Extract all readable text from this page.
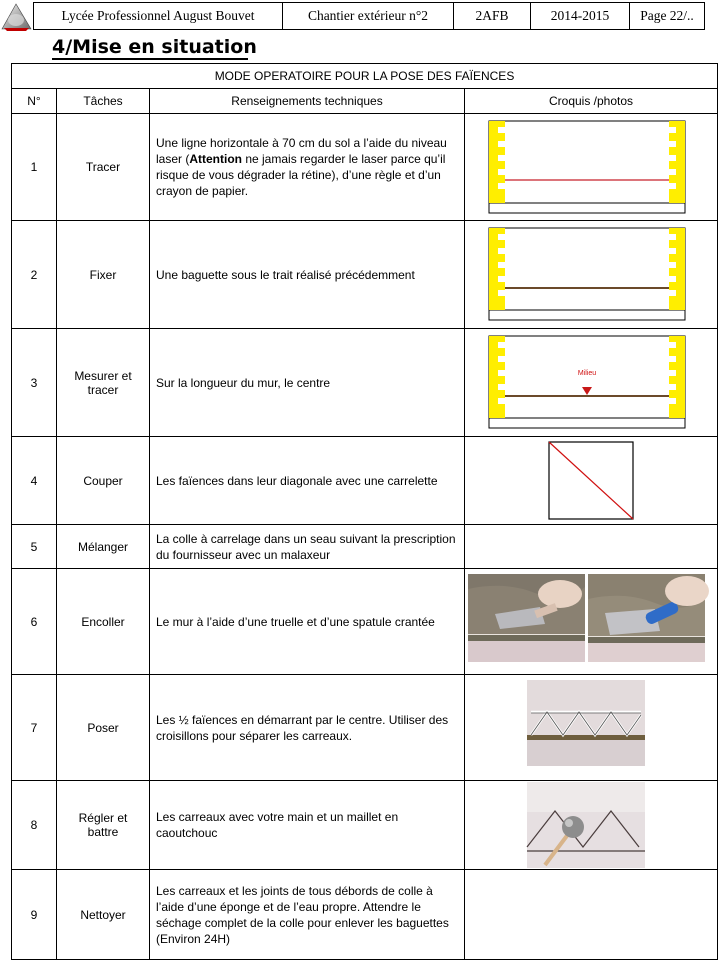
Lycée Professionnel August Bouvet	Chantier extérieur n°2	2AFB	2014-2015	Page 22/..
4/Mise en situation
MODE OPERATOIRE POUR LA POSE DES FAÏENCES			
N°	Tâches	Renseignements techniques	Croquis /photos
1	Tracer	Une ligne horizontale à 70 cm du sol a l’aide du niveau laser (Attention ne jamais regarder le laser parce qu’il risque de vous dégrader la rétine), d’une règle et d’un crayon de papier.	

2	Fixer	Une baguette sous le trait réalisé précédemment	

3	Mesurer et tracer	Sur la longueur du mur, le centre	Milieu

4	Couper	Les faïences dans leur diagonale avec une carrelette	

5	Mélanger	La colle à carrelage dans un seau suivant la prescription du fournisseur avec un malaxeur	
6	Encoller	Le mur à l’aide d’une truelle et d’une spatule crantée	

7	Poser	Les ½ faïences en démarrant par le centre. Utiliser des croisillons pour séparer les carreaux.	

8	Régler et battre	Les carreaux avec votre main et un maillet en caoutchouc	

9	Nettoyer	Les carreaux et les joints de tous débords de colle à l’aide d’une éponge et de l’eau propre. Attendre le séchage complet de la colle pour enlever les baguettes (Environ 24H)	
